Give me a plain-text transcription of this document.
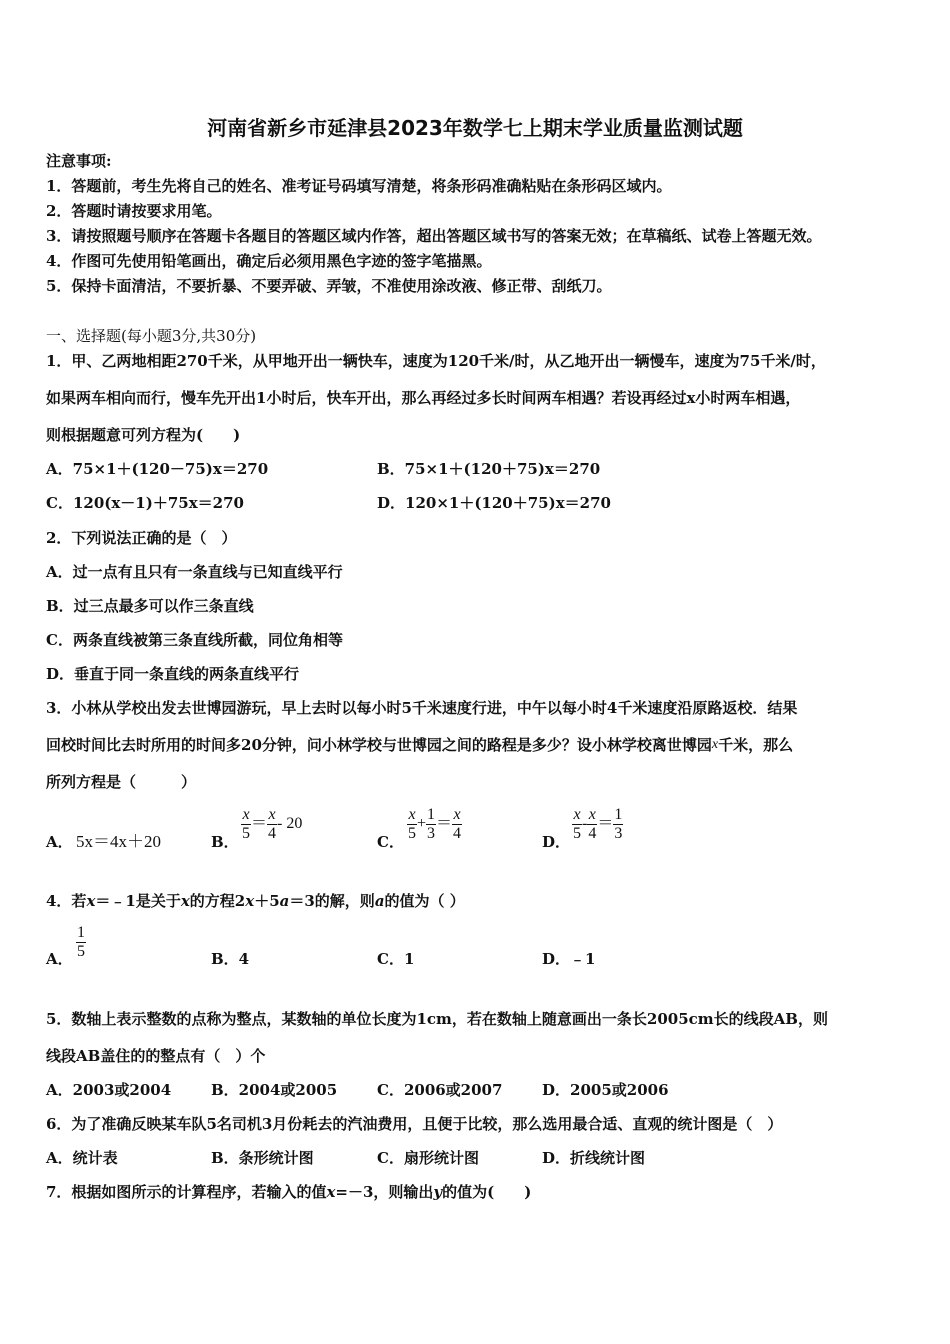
河南省新乡市延津县2023年数学七上期末学业质量监测试题
注意事项:
1．答题前，考生先将自己的姓名、准考证号码填写清楚，将条形码准确粘贴在条形码区域内。
2．答题时请按要求用笔。
3．请按照题号顺序在答题卡各题目的答题区域内作答，超出答题区域书写的答案无效；在草稿纸、试卷上答题无效。
4．作图可先使用铅笔画出，确定后必须用黑色字迹的签字笔描黑。
5．保持卡面清洁，不要折暴、不要弄破、弄皱，不准使用涂改液、修正带、刮纸刀。
一、选择题(每小题3分,共30分)
1．甲、乙两地相距270千米，从甲地开出一辆快车，速度为120千米/时，从乙地开出一辆慢车，速度为75千米/时，
如果两车相向而行，慢车先开出1小时后，快车开出，那么再经过多长时间两车相遇？若设再经过x小时两车相遇，
则根据题意可列方程为(　　)
A．75×1＋(120－75)x＝270	B．75×1＋(120＋75)x＝270
C．120(x－1)＋75x＝270	D．120×1＋(120＋75)x＝270
2．下列说法正确的是（　）
A．过一点有且只有一条直线与已知直线平行
B．过三点最多可以作三条直线
C．两条直线被第三条直线所截，同位角相等
D．垂直于同一条直线的两条直线平行
3．小林从学校出发去世博园游玩，早上去时以每小时5千米速度行进，中午以每小时4千米速度沿原路返校．结果
回校时间比去时所用的时间多20分钟，问小林学校与世博园之间的路程是多少？设小林学校离世博园x千米，那么
所列方程是（　　　）
A． 5x＝4x＋20	B． $\frac{x}{5} = \frac{x}{4} - 20$
C． $\frac{x}{5} + \frac{1}{3} = \frac{x}{4}$	D． $\frac{x}{5} - \frac{x}{4} = \frac{1}{3}$
4．若x＝﹣1是关于x的方程2x＋5a＝3的解，则a的值为（ ）
A． $\frac{1}{5}$	B．4	C．1	D．﹣1
5．数轴上表示整数的点称为整点，某数轴的单位长度为1cm，若在数轴上随意画出一条长2005cm长的线段AB，则
线段AB盖住的的整点有（　）个
A．2003或2004	B．2004或2005	C．2006或2007	D．2005或2006
6．为了准确反映某车队5名司机3月份耗去的汽油费用，且便于比较，那么选用最合适、直观的统计图是（　）
A．统计表	B．条形统计图	C．扇形统计图	D．折线统计图
7．根据如图所示的计算程序，若输入的值x=－3，则输出y的值为(　　)
